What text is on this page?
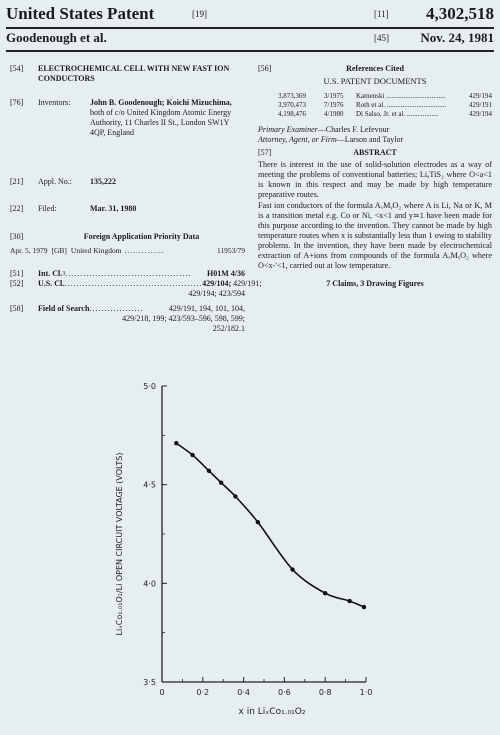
United States Patent	[19]	[11] 4,302,518
Goodenough et al.	[45] Nov. 24, 1981
[54] ELECTROCHEMICAL CELL WITH NEW FAST ION CONDUCTORS
[76] Inventors:	John B. Goodenough; Koichi Mizuchima, both of c/o United Kingdom Atomic Energy Authority, 11 Charles II St., London SW1Y 4QP, England
[21] Appl. No.: 135,222
[22] Filed:	Mar. 31, 1980
[30]	Foreign Application Priority Data
Apr. 5, 1979 [GB] United Kingdom ..............	11953/79
[51] Int. Cl. 3 ..........................................	H01M 4/36
[52] U.S. Cl. .............................................. 429/104;
429/191;
429/194; 423/594
[58] Field of Search ..................	429/191, 194, 101, 104,
429/218, 199; 423/593–596, 598, 599;
252/182.1
[56]	References Cited
U.S. PATENT DOCUMENTS
3,873,369	3/1975	Kamenski ..................................	429/194
3,970,473	7/1976	Roth et al. ..................................	429/191
4,198,476	4/1980	Di Salso, Jr. et al. ..................	429/194
Primary Examiner—Charles F. Lefevour
Attorney, Agent, or Firm—Larson and Taylor
[57]	ABSTRACT

There is interest in the use of solid-solution electrodes as a way of meeting the problems of conventional batteries; LiₐTiS₂ where O<a<1 is known in this respect and may be made by high temperature preparative routes.

Fast ion conductors of the formula AₓMᵧO₂ where A is Li, Na or K, M is a transition metal e.g. Co or Ni, <x<1 and y≃1 have been made for this purpose according to the invention. They cannot be made by high temperature routes when x is substantially less than 1 owing to stability problems. In the invention, they have been made by electrochemical extraction of A+ions from compounds of the formula AₓMᵧO₂ where O<x-'<1, carried out at low temperature.

7 Claims, 3 Drawing Figures
0	0·2	0·4	0·6	0·8	1·0
3·5
4·0
4·5
5·0
x in LiₓCo₁.₀₁O₂
LiₓCo₁.₀₁O₂/Li OPEN CIRCUIT VOLTAGE (VOLTS)
